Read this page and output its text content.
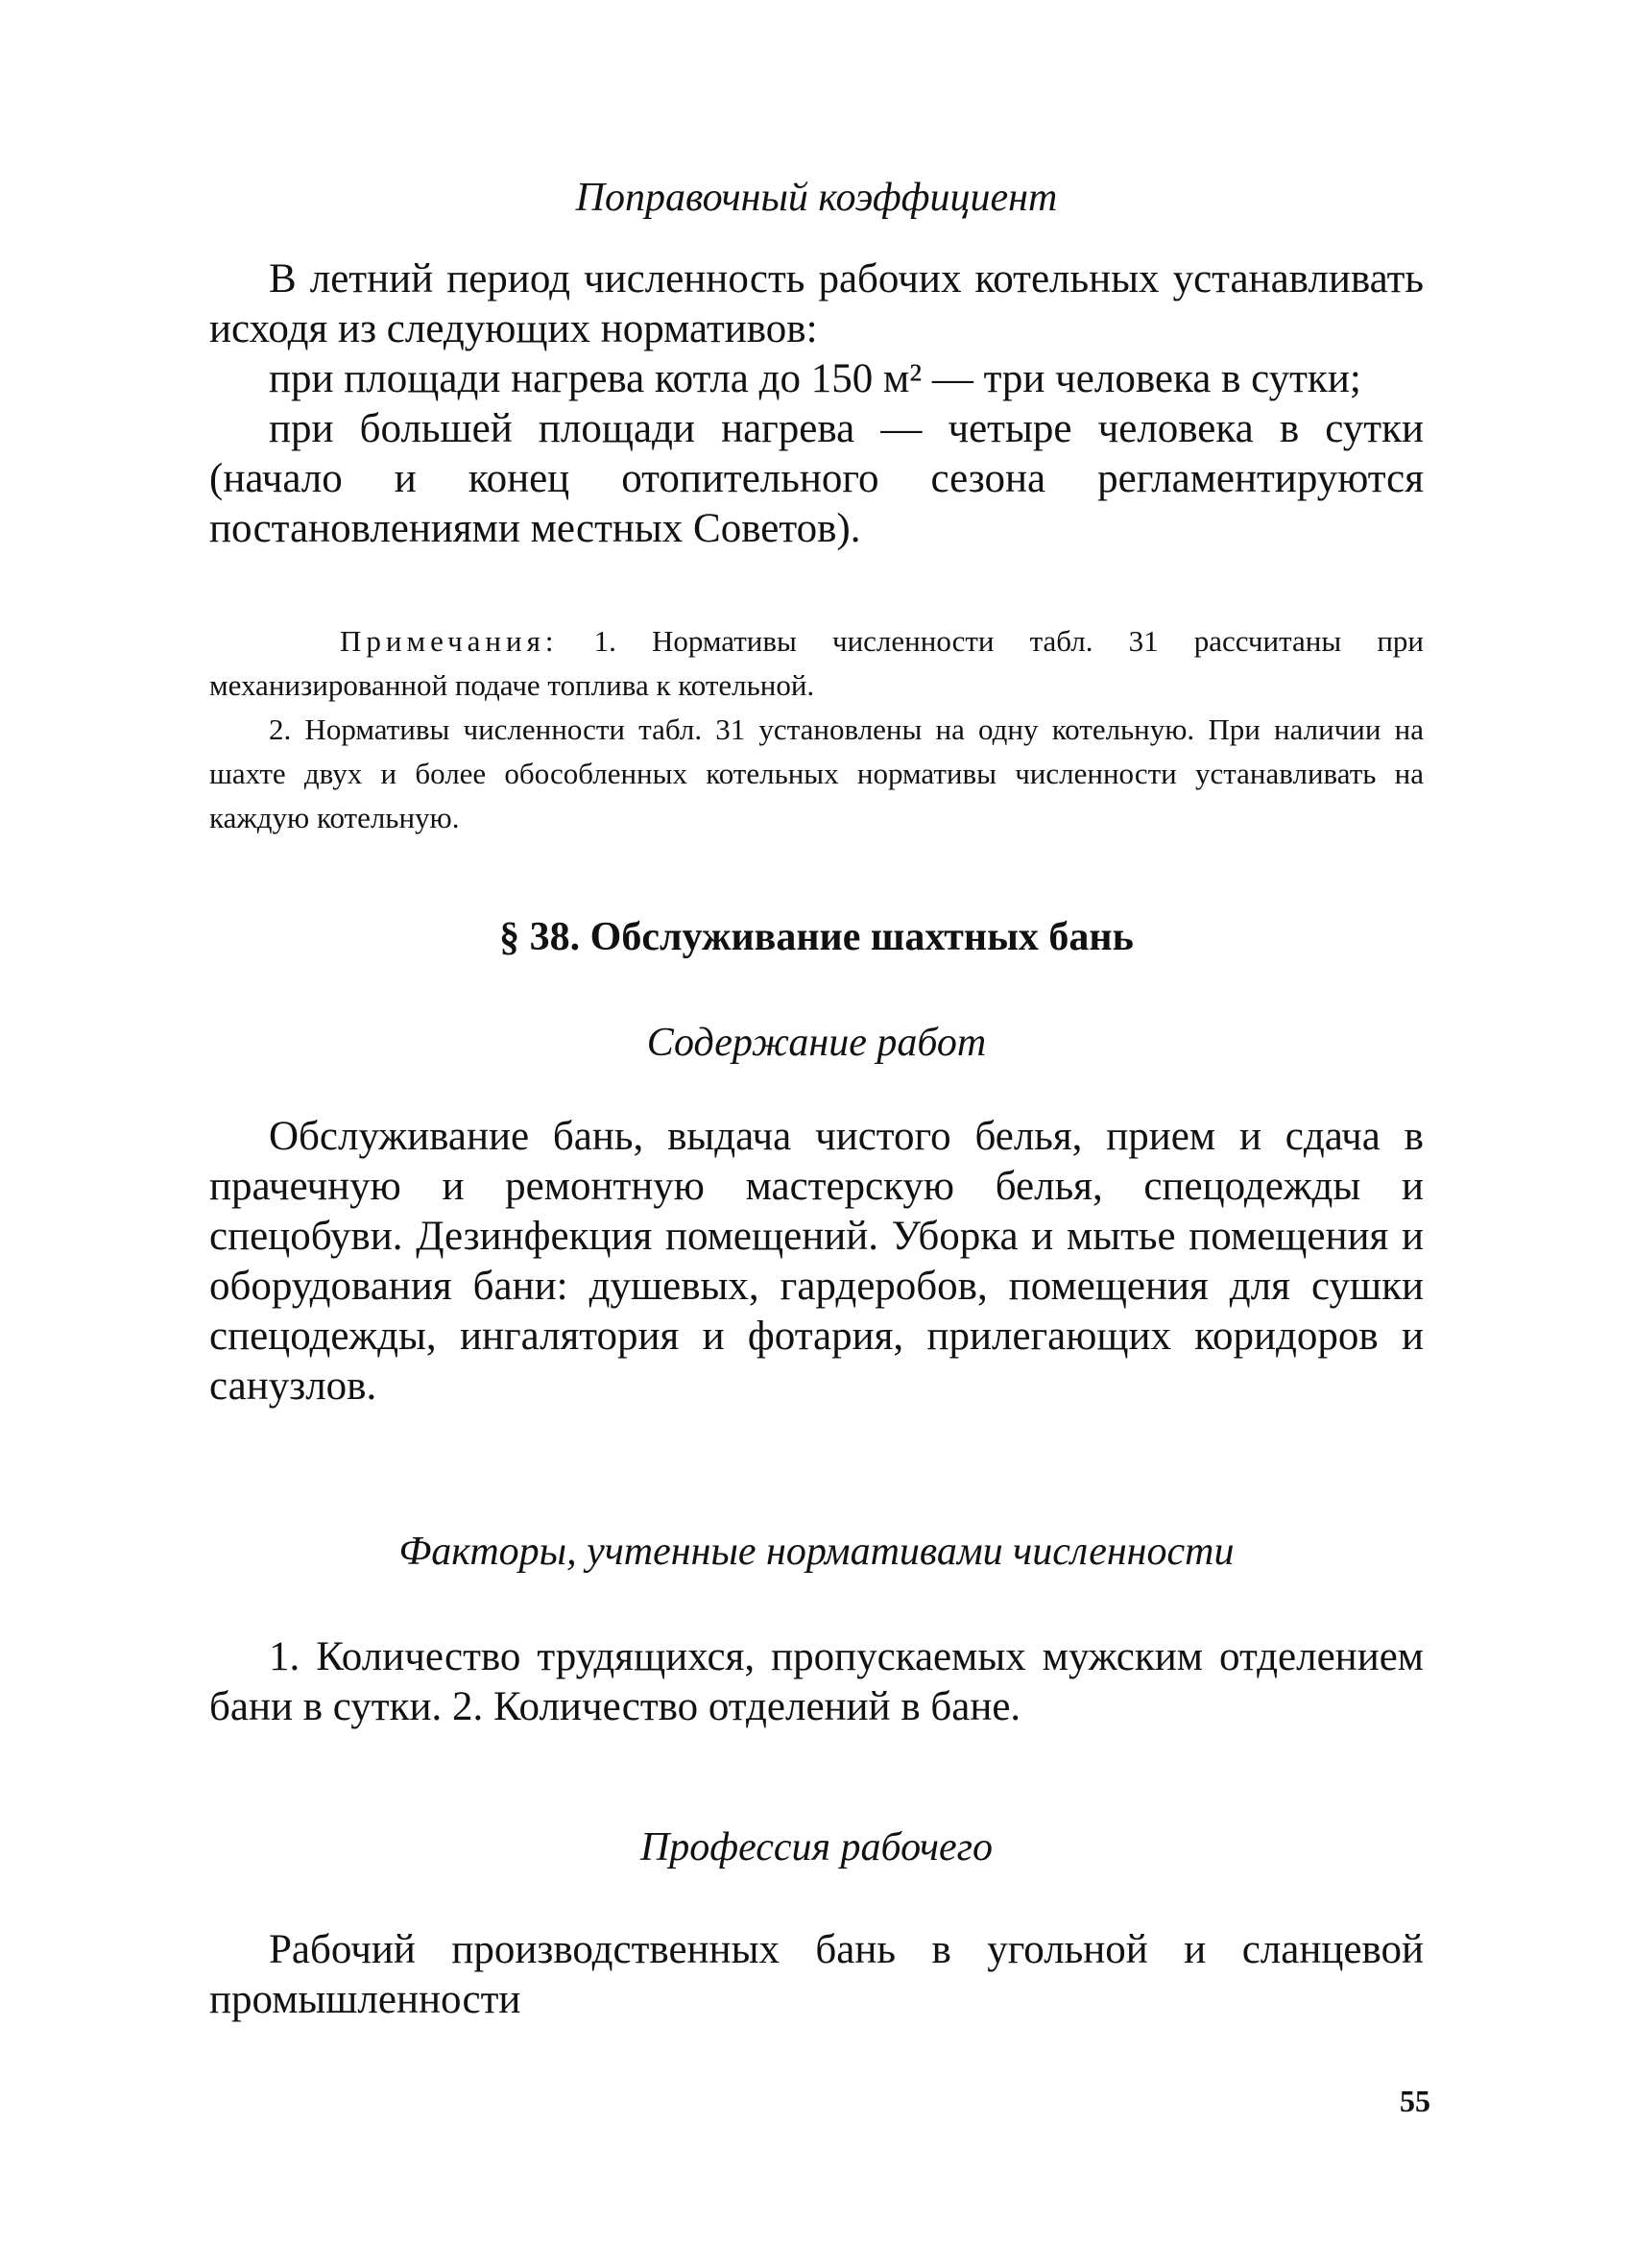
Поправочный коэффициент

В летний период численность рабочих котельных устанавливать исходя из следующих нормативов:

при площади нагрева котла до 150 м² — три человека в сутки;

при большей площади нагрева — четыре человека в сутки (начало и конец отопительного сезона регламентируются постановлениями местных Советов).

Примечания: 1. Нормативы численности табл. 31 рассчитаны при механизированной подаче топлива к котельной.

2. Нормативы численности табл. 31 установлены на одну котельную. При наличии на шахте двух и более обособленных котельных нормативы численности устанавливать на каждую котельную.

§ 38. Обслуживание шахтных бань

Содержание работ

Обслуживание бань, выдача чистого белья, прием и сдача в прачечную и ремонтную мастерскую белья, спецодежды и спецобуви. Дезинфекция помещений. Уборка и мытье помещения и оборудования бани: душевых, гардеробов, помещения для сушки спецодежды, ингалятория и фотария, прилегающих коридоров и санузлов.

Факторы, учтенные нормативами численности

1. Количество трудящихся, пропускаемых мужским отделением бани в сутки. 2. Количество отделений в бане.

Профессия рабочего

Рабочий производственных бань в угольной и сланцевой промышленности

55
